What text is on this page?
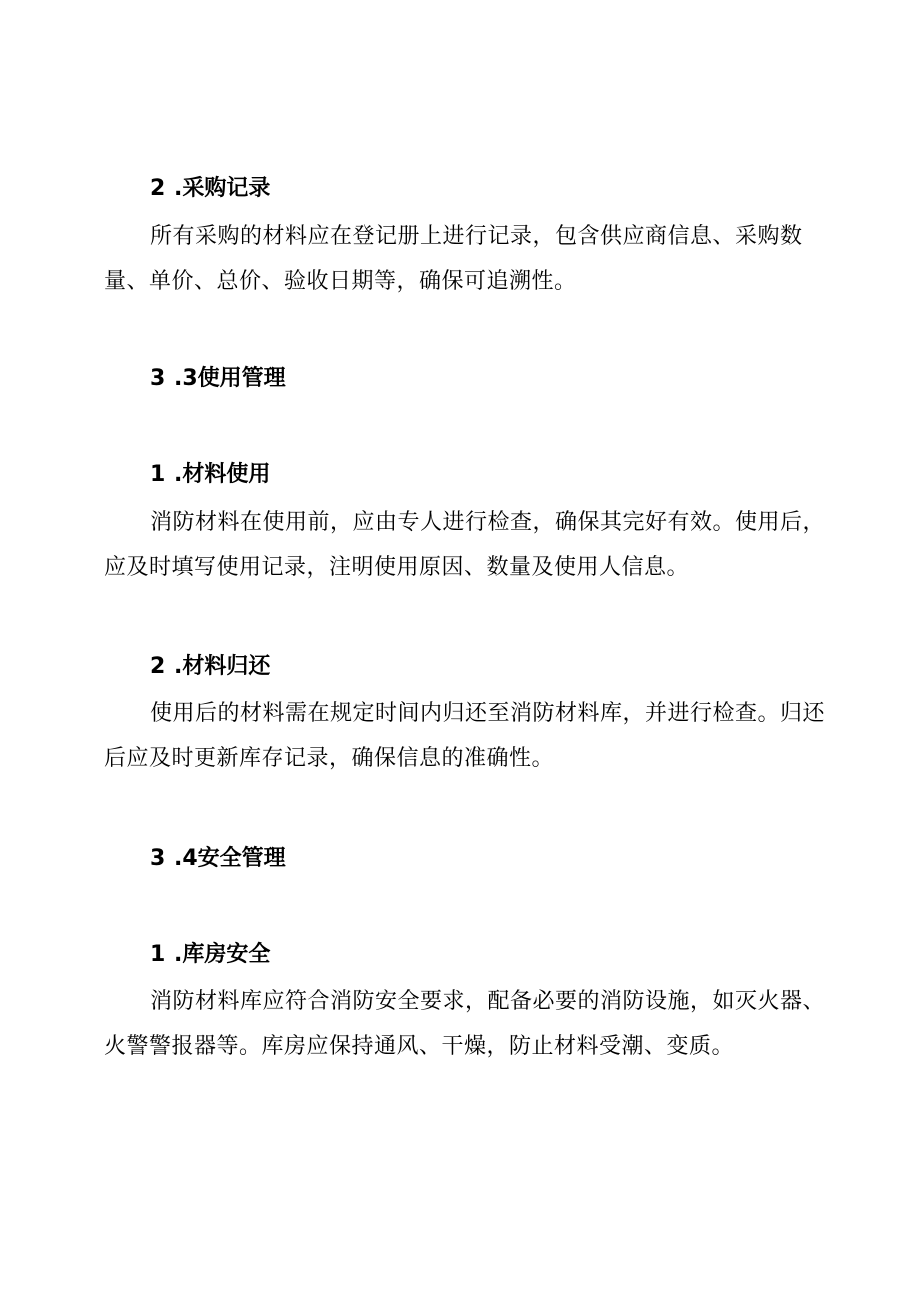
2 .采购记录
所有采购的材料应在登记册上进行记录，包含供应商信息、采购数量、单价、总价、验收日期等，确保可追溯性。
3 .3使用管理
1 .材料使用
消防材料在使用前，应由专人进行检查，确保其完好有效。使用后，应及时填写使用记录，注明使用原因、数量及使用人信息。
2 .材料归还
使用后的材料需在规定时间内归还至消防材料库，并进行检查。归还后应及时更新库存记录，确保信息的准确性。
3 .4安全管理
1 .库房安全
消防材料库应符合消防安全要求，配备必要的消防设施，如灭火器、火警警报器等。库房应保持通风、干燥，防止材料受潮、变质。
